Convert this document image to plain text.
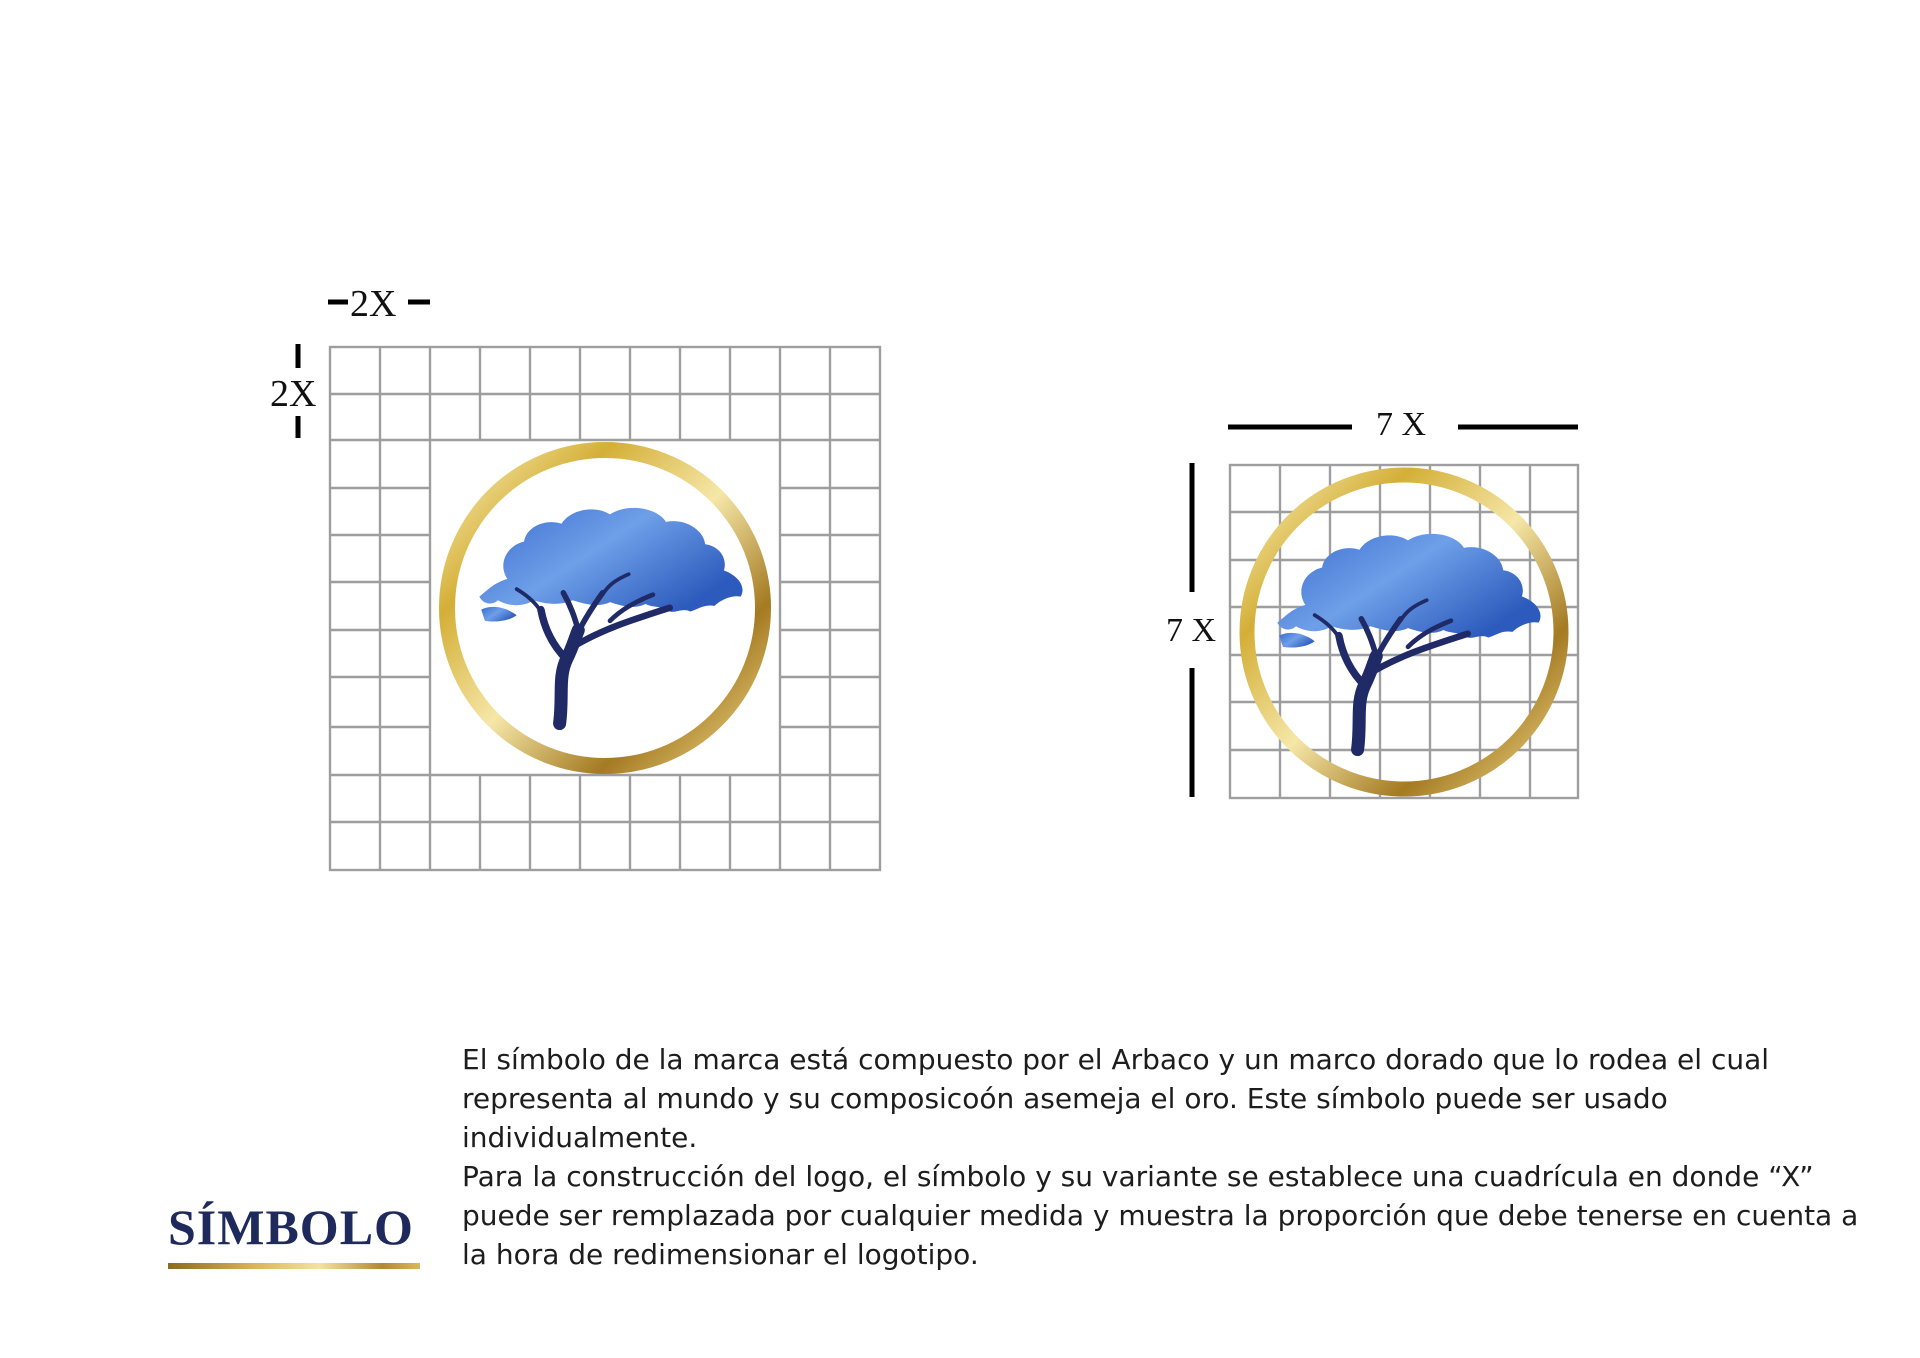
2X
2X
7 X
7 X
SÍMBOLO

El símbolo de la marca está compuesto por el Arbaco y un marco dorado que lo rodea el cual representa al mundo y su composicoón asemeja el oro. Este símbolo puede ser usado individualmente.

Para la construcción del logo, el símbolo y su variante se establece una cuadrícula en donde “X” puede ser remplazada por cualquier medida y muestra la proporción que debe tenerse en cuenta a la hora de redimensionar el logotipo.
